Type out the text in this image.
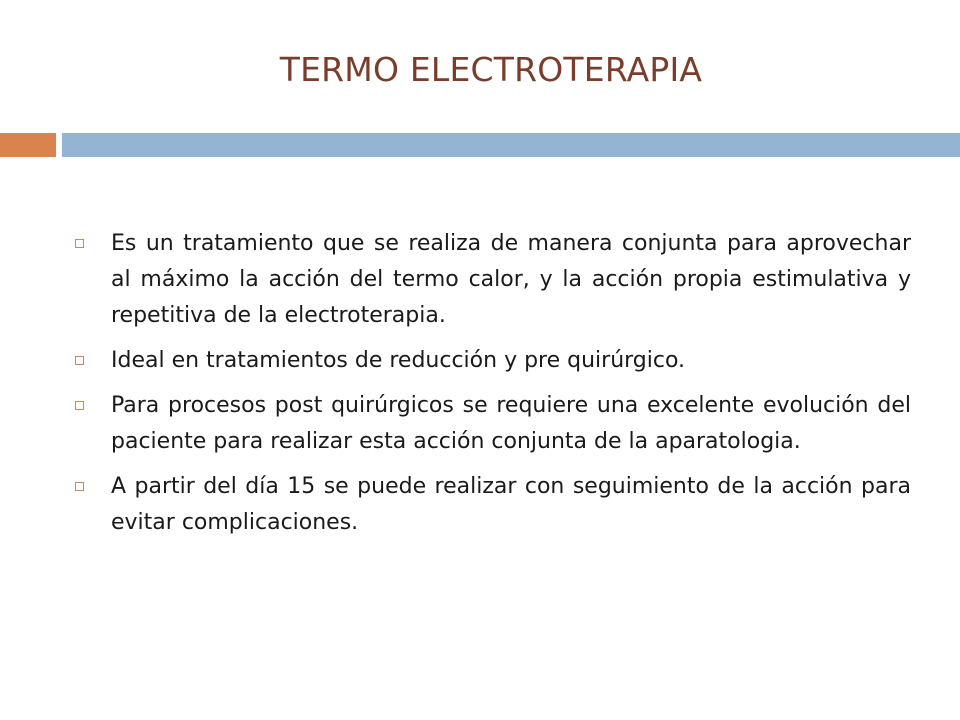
TERMO ELECTROTERAPIA
Es un tratamiento que se realiza de manera conjunta para aprovechar al máximo la acción del termo calor, y la acción propia estimulativa y repetitiva de la electroterapia.
Ideal en tratamientos de reducción y pre quirúrgico.
Para procesos post quirúrgicos se requiere una excelente evolución del paciente para realizar esta acción conjunta de la aparatologia.
A partir del día 15 se puede realizar con seguimiento de la acción para evitar complicaciones.
